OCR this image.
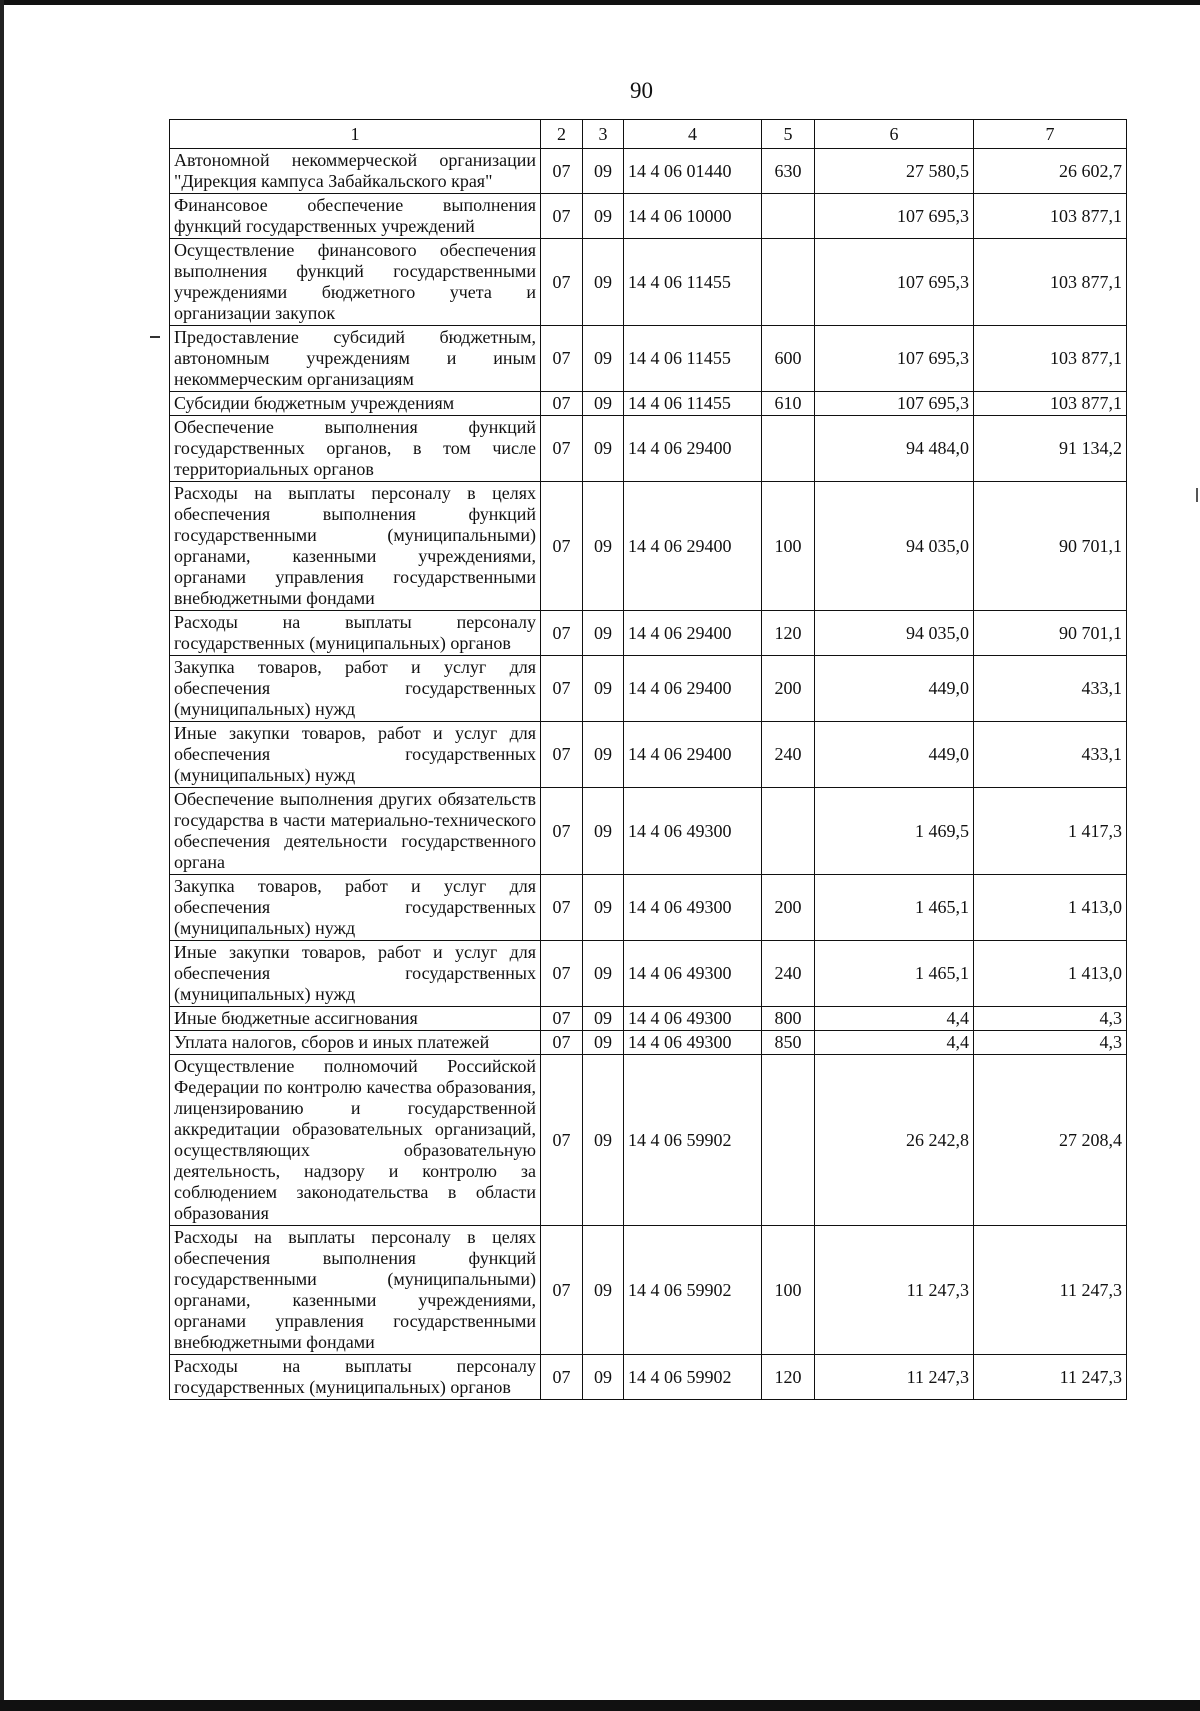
90
1	2	3	4	5	6	7
Автономной некоммерческой организации "Дирекция кампуса Забайкальского края"	07	09	14 4 06 01440	630	27 580,5	26 602,7
Финансовое обеспечение выполнения функций государственных учреждений	07	09	14 4 06 10000		107 695,3	103 877,1
Осуществление финансового обеспечения выполнения функций государственными учреждениями бюджетного учета и организации закупок	07	09	14 4 06 11455		107 695,3	103 877,1
Предоставление субсидий бюджетным, автономным учреждениям и иным некоммерческим организациям	07	09	14 4 06 11455	600	107 695,3	103 877,1
Субсидии бюджетным учреждениям	07	09	14 4 06 11455	610	107 695,3	103 877,1
Обеспечение выполнения функций государственных органов, в том числе территориальных органов	07	09	14 4 06 29400		94 484,0	91 134,2
Расходы на выплаты персоналу в целях обеспечения выполнения функций государственными (муниципальными) органами, казенными учреждениями, органами управления государственными внебюджетными фондами	07	09	14 4 06 29400	100	94 035,0	90 701,1
Расходы на выплаты персоналу государственных (муниципальных) органов	07	09	14 4 06 29400	120	94 035,0	90 701,1
Закупка товаров, работ и услуг для обеспечения государственных (муниципальных) нужд	07	09	14 4 06 29400	200	449,0	433,1
Иные закупки товаров, работ и услуг для обеспечения государственных (муниципальных) нужд	07	09	14 4 06 29400	240	449,0	433,1
Обеспечение выполнения других обязательств государства в части материально-технического обеспечения деятельности государственного органа	07	09	14 4 06 49300		1 469,5	1 417,3
Закупка товаров, работ и услуг для обеспечения государственных (муниципальных) нужд	07	09	14 4 06 49300	200	1 465,1	1 413,0
Иные закупки товаров, работ и услуг для обеспечения государственных (муниципальных) нужд	07	09	14 4 06 49300	240	1 465,1	1 413,0
Иные бюджетные ассигнования	07	09	14 4 06 49300	800	4,4	4,3
Уплата налогов, сборов и иных платежей	07	09	14 4 06 49300	850	4,4	4,3
Осуществление полномочий Российской Федерации по контролю качества образования, лицензированию и государственной аккредитации образовательных организаций, осуществляющих образовательную деятельность, надзору и контролю за соблюдением законодательства в области образования	07	09	14 4 06 59902		26 242,8	27 208,4
Расходы на выплаты персоналу в целях обеспечения выполнения функций государственными (муниципальными) органами, казенными учреждениями, органами управления государственными внебюджетными фондами	07	09	14 4 06 59902	100	11 247,3	11 247,3
Расходы на выплаты персоналу государственных (муниципальных) органов	07	09	14 4 06 59902	120	11 247,3	11 247,3
